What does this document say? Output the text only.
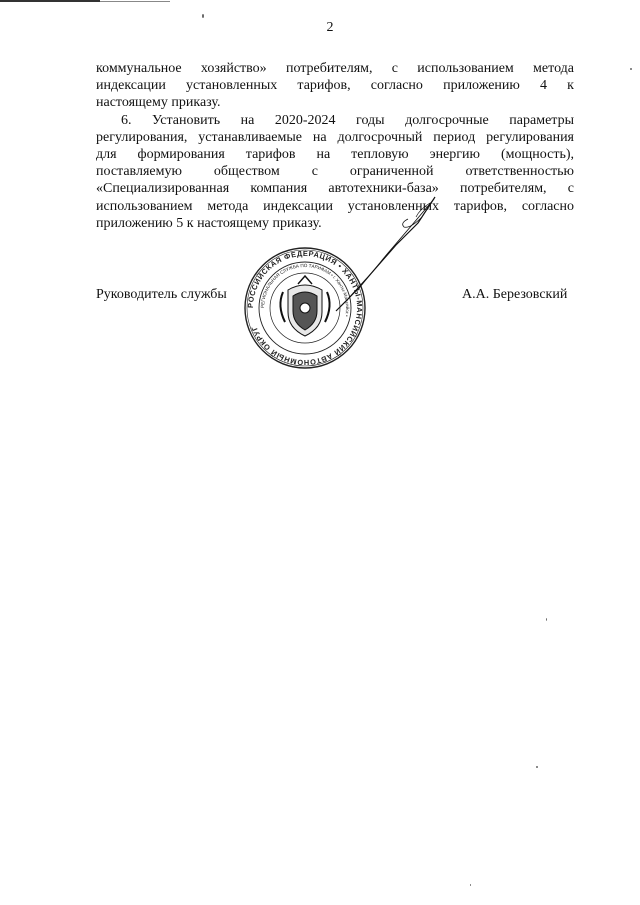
2

коммунальное хозяйство» потребителям, с использованием метода
индексации установленных тарифов, согласно приложению 4 к
настоящему приказу.

6. Установить на 2020-2024 годы долгосрочные параметры
регулирования, устанавливаемые на долгосрочный период регулирования
для формирования тарифов на тепловую энергию (мощность),
поставляемую обществом с ограниченной ответственностью
«Специализированная компания автотехники-база» потребителям, с
использованием метода индексации установленных тарифов, согласно
приложению 5 к настоящему приказу.

РОССИЙСКАЯ ФЕДЕРАЦИЯ • ХАНТЫ-МАНСИЙСКИЙ АВТОНОМНЫЙ ОКРУГ
РЕГИОНАЛЬНАЯ СЛУЖБА ПО ТАРИФАМ • г. Ханты-Мансийск •
Руководитель службы	А.А. Березовский
